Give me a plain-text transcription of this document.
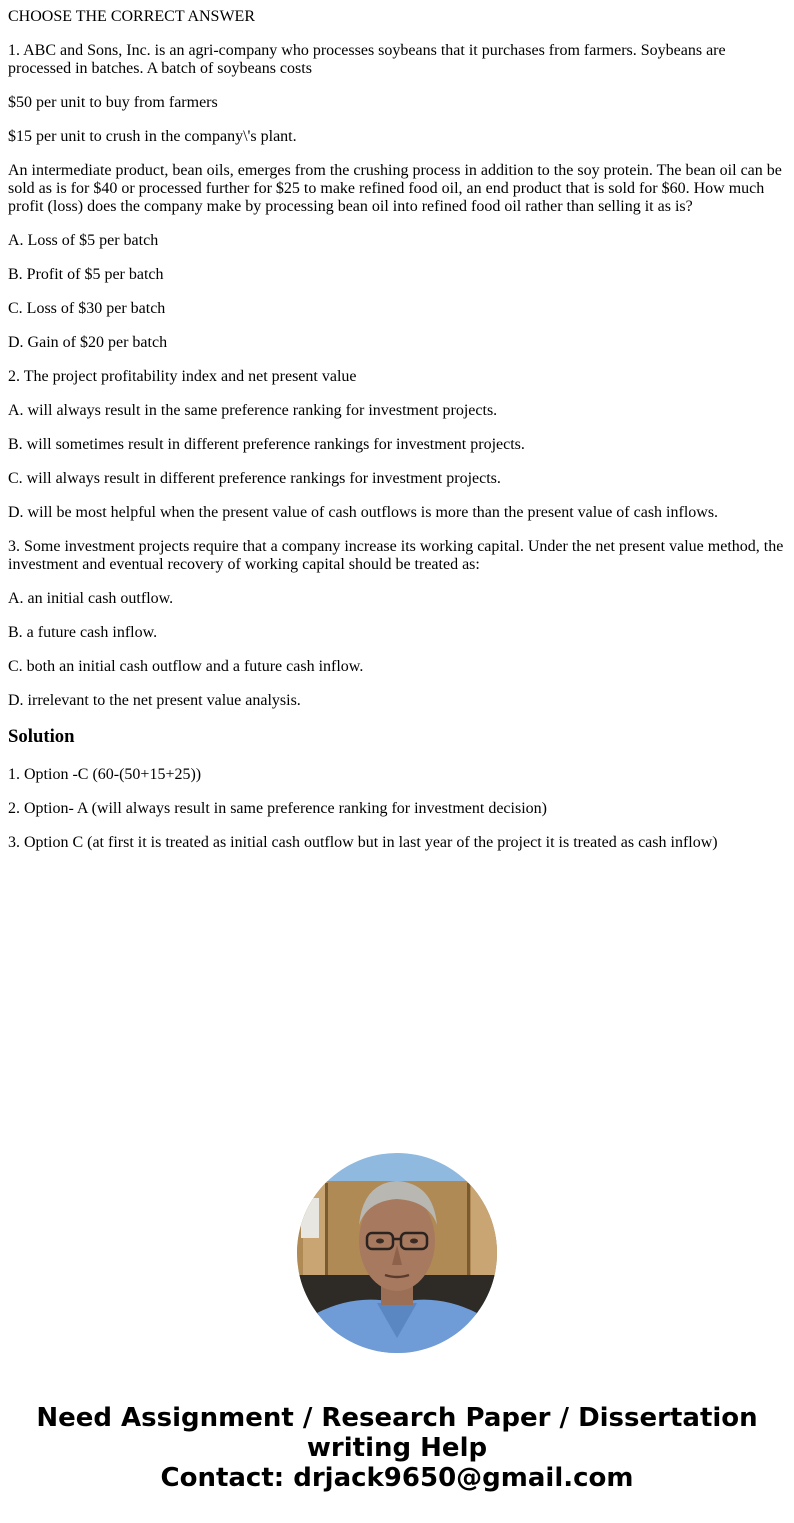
CHOOSE THE CORRECT ANSWER

1. ABC and Sons, Inc. is an agri-company who processes soybeans that it purchases from farmers. Soybeans are processed in batches. A batch of soybeans costs

$50 per unit to buy from farmers

$15 per unit to crush in the company\'s plant.

An intermediate product, bean oils, emerges from the crushing process in addition to the soy protein. The bean oil can be sold as is for $40 or processed further for $25 to make refined food oil, an end product that is sold for $60. How much profit (loss) does the company make by processing bean oil into refined food oil rather than selling it as is?

A. Loss of $5 per batch

B. Profit of $5 per batch

C. Loss of $30 per batch

D. Gain of $20 per batch

2. The project profitability index and net present value

A. will always result in the same preference ranking for investment projects.

B. will sometimes result in different preference rankings for investment projects.

C. will always result in different preference rankings for investment projects.

D. will be most helpful when the present value of cash outflows is more than the present value of cash inflows.

3. Some investment projects require that a company increase its working capital. Under the net present value method, the investment and eventual recovery of working capital should be treated as:

A. an initial cash outflow.

B. a future cash inflow.

C. both an initial cash outflow and a future cash inflow.

D. irrelevant to the net present value analysis.

Solution

1. Option -C (60-(50+15+25))

2. Option- A (will always result in same preference ranking for investment decision)

3. Option C (at first it is treated as initial cash outflow but in last year of the project it is treated as cash inflow)

Need Assignment / Research Paper / Dissertation
writing Help
Contact: drjack9650@gmail.com
